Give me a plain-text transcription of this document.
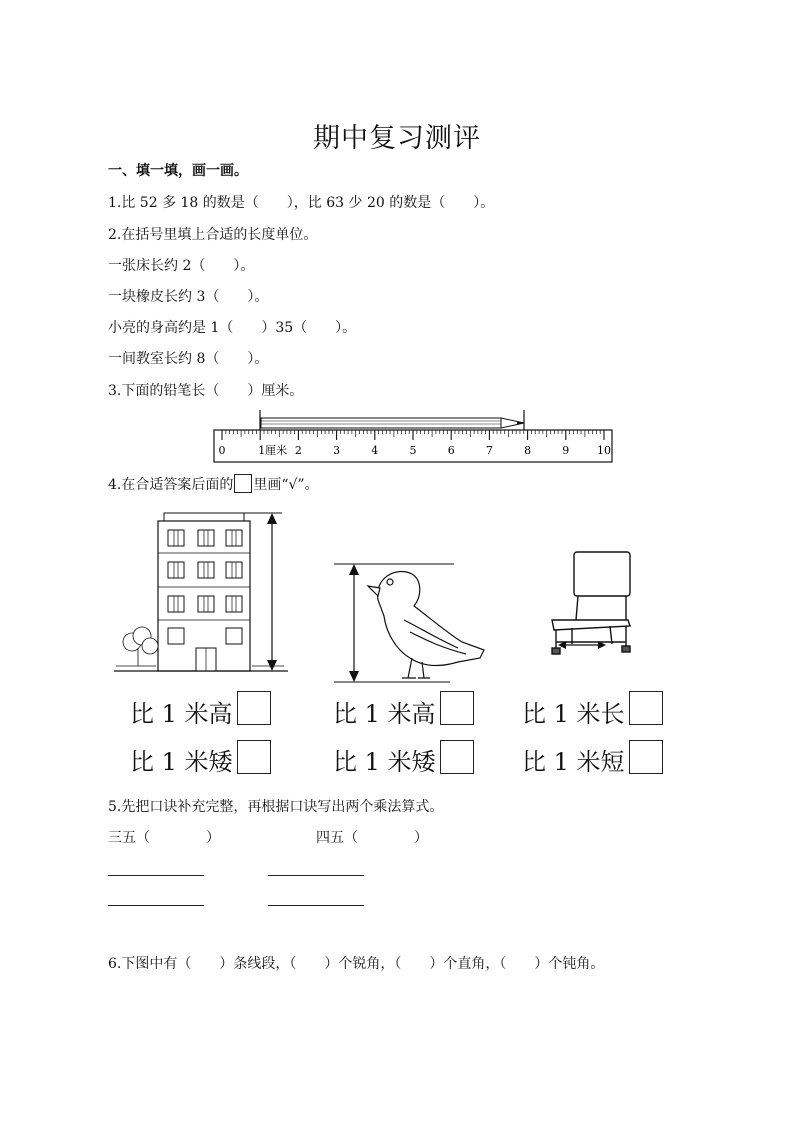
期中复习测评
一、填一填，画一画。
1.比 52 多 18 的数是（　　），比 63 少 20 的数是（　　）。
2.在括号里填上合适的长度单位。
一张床长约 2（　　）。
一块橡皮长约 3（　　）。
小亮的身高约是 1（　　）35（　　）。
一间教室长约 8（　　）。
3.下面的铅笔长（　　）厘米。
0	1厘米 2	3	4	5	6	7	8	9	10
4.在合适答案后面的 里画“√”。
比 1 米高
比 1 米矮
比 1 米高
比 1 米矮
比 1 米长
比 1 米短
5.先把口诀补充完整，再根据口诀写出两个乘法算式。
三五（　　　　）	四五（　　　　）
6.下图中有（　　）条线段，（　　）个锐角，（　　）个直角，（　　）个钝角。
